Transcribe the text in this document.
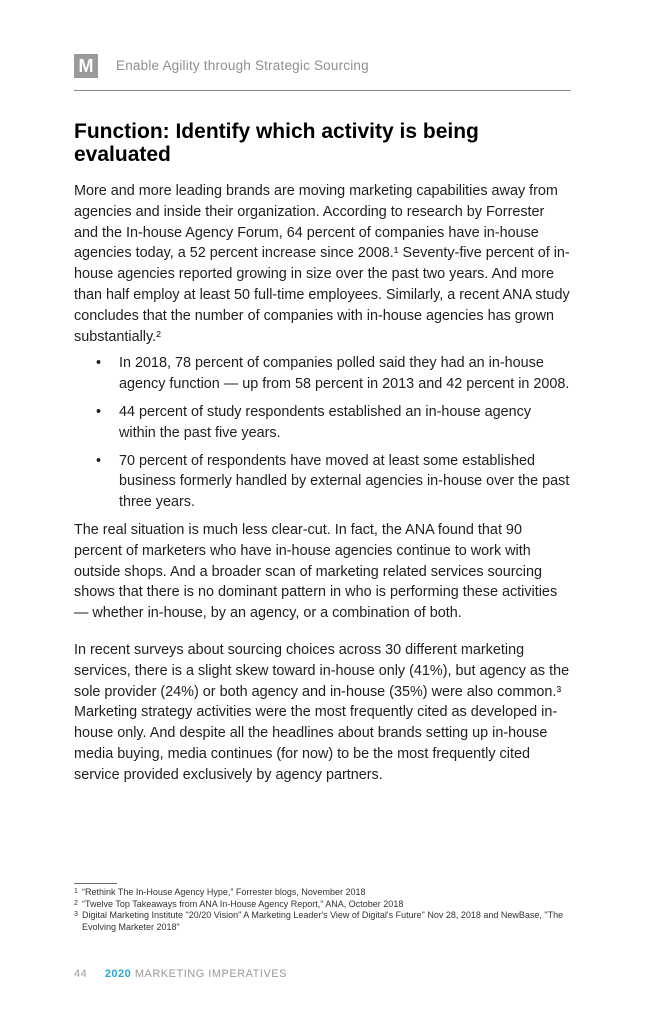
M	Enable Agility through Strategic Sourcing
Function: Identify which activity is being evaluated

More and more leading brands are moving marketing capabilities away from agencies and inside their organization. According to research by Forrester and the In-house Agency Forum, 64 percent of companies have in-house agencies today, a 52 percent increase since 2008.¹ Seventy-five percent of in-house agencies reported growing in size over the past two years. And more than half employ at least 50 full-time employees. Similarly, a recent ANA study concludes that the number of companies with in-house agencies has grown substantially.²

• In 2018, 78 percent of companies polled said they had an in-house agency function — up from 58 percent in 2013 and 42 percent in 2008.
• 44 percent of study respondents established an in-house agency within the past five years.
• 70 percent of respondents have moved at least some established business formerly handled by external agencies in-house over the past three years.

The real situation is much less clear-cut. In fact, the ANA found that 90 percent of marketers who have in-house agencies continue to work with outside shops. And a broader scan of marketing related services sourcing shows that there is no dominant pattern in who is performing these activities — whether in-house, by an agency, or a combination of both.

In recent surveys about sourcing choices across 30 different marketing services, there is a slight skew toward in-house only (41%), but agency as the sole provider (24%) or both agency and in-house (35%) were also common.³ Marketing strategy activities were the most frequently cited as developed in-house only. And despite all the headlines about brands setting up in-house media buying, media continues (for now) to be the most frequently cited service provided exclusively by agency partners.

1 “Rethink The In-House Agency Hype,” Forrester blogs, November 2018
2 “Twelve Top Takeaways from ANA In-House Agency Report,” ANA, October 2018
3 Digital Marketing Institute "20/20 Vision" A Marketing Leader's View of Digital's Future" Nov 28, 2018 and NewBase, "The Evolving Marketer 2018"
44 2020 MARKETING IMPERATIVES
